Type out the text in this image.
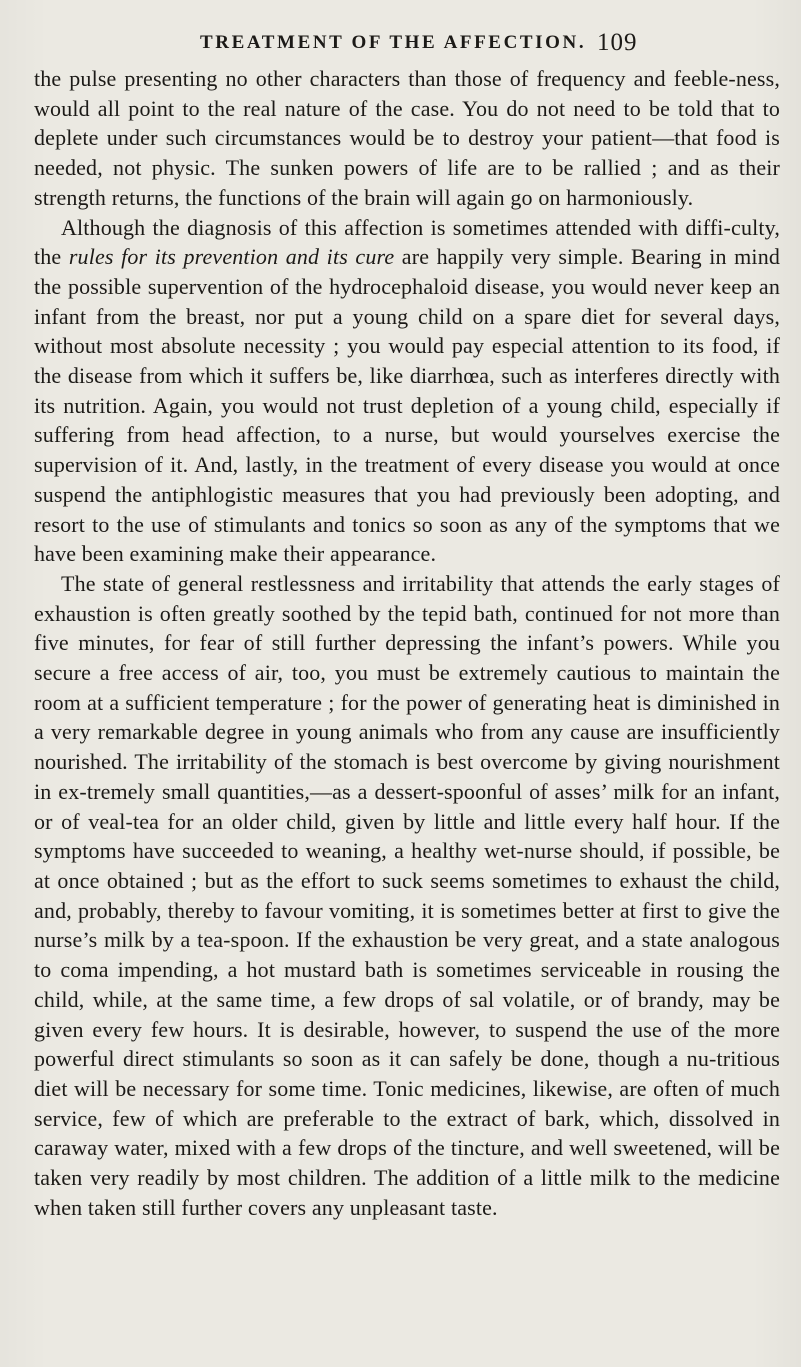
TREATMENT OF THE AFFECTION. 109

the pulse presenting no other characters than those of frequency and feeble-ness, would all point to the real nature of the case. You do not need to be told that to deplete under such circumstances would be to destroy your patient—that food is needed, not physic. The sunken powers of life are to be rallied ; and as their strength returns, the functions of the brain will again go on harmoniously.

Although the diagnosis of this affection is sometimes attended with diffi-culty, the rules for its prevention and its cure are happily very simple. Bearing in mind the possible supervention of the hydrocephaloid disease, you would never keep an infant from the breast, nor put a young child on a spare diet for several days, without most absolute necessity ; you would pay especial attention to its food, if the disease from which it suffers be, like diarrhœa, such as interferes directly with its nutrition. Again, you would not trust depletion of a young child, especially if suffering from head affection, to a nurse, but would yourselves exercise the supervision of it. And, lastly, in the treatment of every disease you would at once suspend the antiphlogistic measures that you had previously been adopting, and resort to the use of stimulants and tonics so soon as any of the symptoms that we have been examining make their appearance.

The state of general restlessness and irritability that attends the early stages of exhaustion is often greatly soothed by the tepid bath, continued for not more than five minutes, for fear of still further depressing the infant’s powers. While you secure a free access of air, too, you must be extremely cautious to maintain the room at a sufficient temperature ; for the power of generating heat is diminished in a very remarkable degree in young animals who from any cause are insufficiently nourished. The irritability of the stomach is best overcome by giving nourishment in ex-tremely small quantities,—as a dessert-spoonful of asses’ milk for an infant, or of veal-tea for an older child, given by little and little every half hour. If the symptoms have succeeded to weaning, a healthy wet-nurse should, if possible, be at once obtained ; but as the effort to suck seems sometimes to exhaust the child, and, probably, thereby to favour vomiting, it is sometimes better at first to give the nurse’s milk by a tea-spoon. If the exhaustion be very great, and a state analogous to coma impending, a hot mustard bath is sometimes serviceable in rousing the child, while, at the same time, a few drops of sal volatile, or of brandy, may be given every few hours. It is desirable, however, to suspend the use of the more powerful direct stimulants so soon as it can safely be done, though a nu-tritious diet will be necessary for some time. Tonic medicines, likewise, are often of much service, few of which are preferable to the extract of bark, which, dissolved in caraway water, mixed with a few drops of the tincture, and well sweetened, will be taken very readily by most children. The addition of a little milk to the medicine when taken still further covers any unpleasant taste.
